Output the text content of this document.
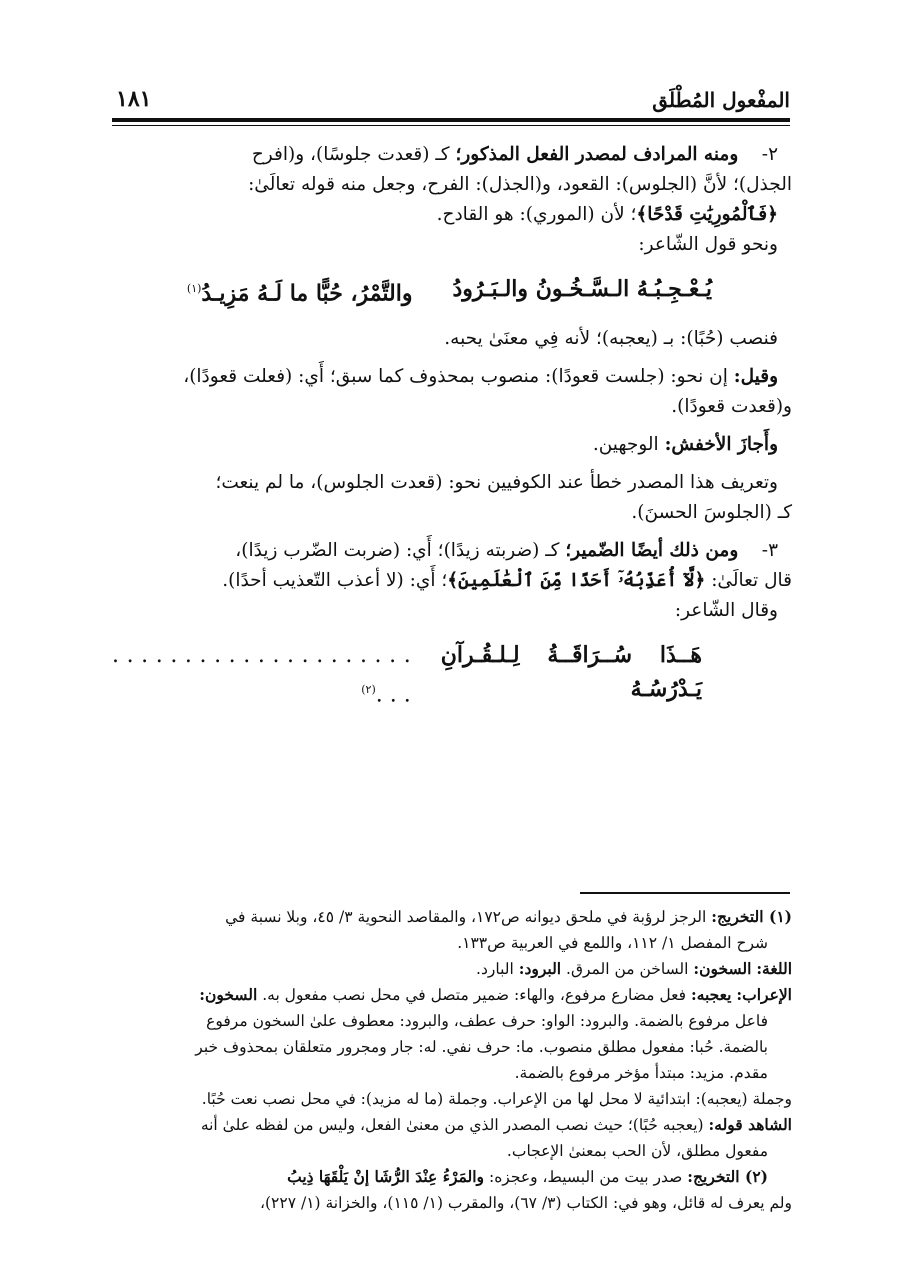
المفْعول المُطْلَق
١٨١

٢-    ومنه المرادف لمصدر الفعل المذكور؛ كـ (قعدت جلوسًا)، و(افرح

الجذل)؛ لأنَّ (الجلوس): القعود، و(الجذل): الفرح، وجعل منه قوله تعالَىٰ:

﴿فَٱلْمُورِيَٰتِ قَدْحًا﴾؛ لأن (الموري): هو القادح.

ونحو قول الشّاعر:

يُـعْـجِـبُـهُ الـسَّـخُـونُ والـبَـرُودُ
والتَّمْرُ، حُبًّا ما لَـهُ مَزِيـدُ$^{(١)}$

فنصب (حُبًا): بـ (يعجبه)؛ لأنه فِي معنَىٰ يحبه.

وقيل: إن نحو: (جلست قعودًا): منصوب بمحذوف كما سبق؛ أَي: (فعلت قعودًا)،

و(قعدت قعودًا).

وأَجازَ الأخفش: الوجهين.

وتعريف هذا المصدر خطأ عند الكوفيين نحو: (قعدت الجلوس)، ما لم ينعت؛

كـ (الجلوسَ الحسنَ).

٣-    ومن ذلك أيضًا الضّمير؛ كـ (ضربته زيدًا)؛ أَي: (ضربت الضّرب زيدًا)،

قال تعالَىٰ: ﴿لَّآ أُعَذِّبُهُۥٓ أَحَدًا مِّنَ ٱلْعَٰلَمِينَ﴾؛ أَي: (لا أعذب التّعذيب أحدًا).

وقال الشّاعر:

هَــذَا سُــرَاقَــةُ لِـلـقُـرآنِ يَـدْرُسُـهُ
. . . . . . . . . . . . . . . . . . . . . . . .$^{(٢)}$

(١) التخريج: الرجز لرؤبة في ملحق ديوانه ص١٧٢، والمقاصد النحوية ٣/ ٤٥، وبلا نسبة في

شرح المفصل ١/ ١١٢، واللمع في العربية ص١٣٣.

اللغة: السخون: الساخن من المرق. البرود: البارد.

الإعراب: يعجبه: فعل مضارع مرفوع، والهاء: ضمير متصل في محل نصب مفعول به. السخون:

فاعل مرفوع بالضمة. والبرود: الواو: حرف عطف، والبرود: معطوف علىٰ السخون مرفوع

بالضمة. حُبا: مفعول مطلق منصوب. ما: حرف نفي. له: جار ومجرور متعلقان بمحذوف خبر

مقدم. مزيد: مبتدأ مؤخر مرفوع بالضمة.

وجملة (يعجبه): ابتدائية لا محل لها من الإعراب. وجملة (ما له مزيد): في محل نصب نعت حُبًا.

الشاهد قوله: (يعجبه حُبًا)؛ حيث نصب المصدر الذي من معنىٰ الفعل، وليس من لفظه علىٰ أنه

مفعول مطلق، لأن الحب بمعنىٰ الإعجاب.

(٢) التخريج: صدر بيت من البسيط، وعجزه: والمَرْءُ عِنْدَ الرُّشَا إنْ يَلْقَهَا ذِيبُ

ولم يعرف له قائل، وهو في: الكتاب (٣/ ٦٧)، والمقرب (١/ ١١٥)، والخزانة (١/ ٢٢٧)،
